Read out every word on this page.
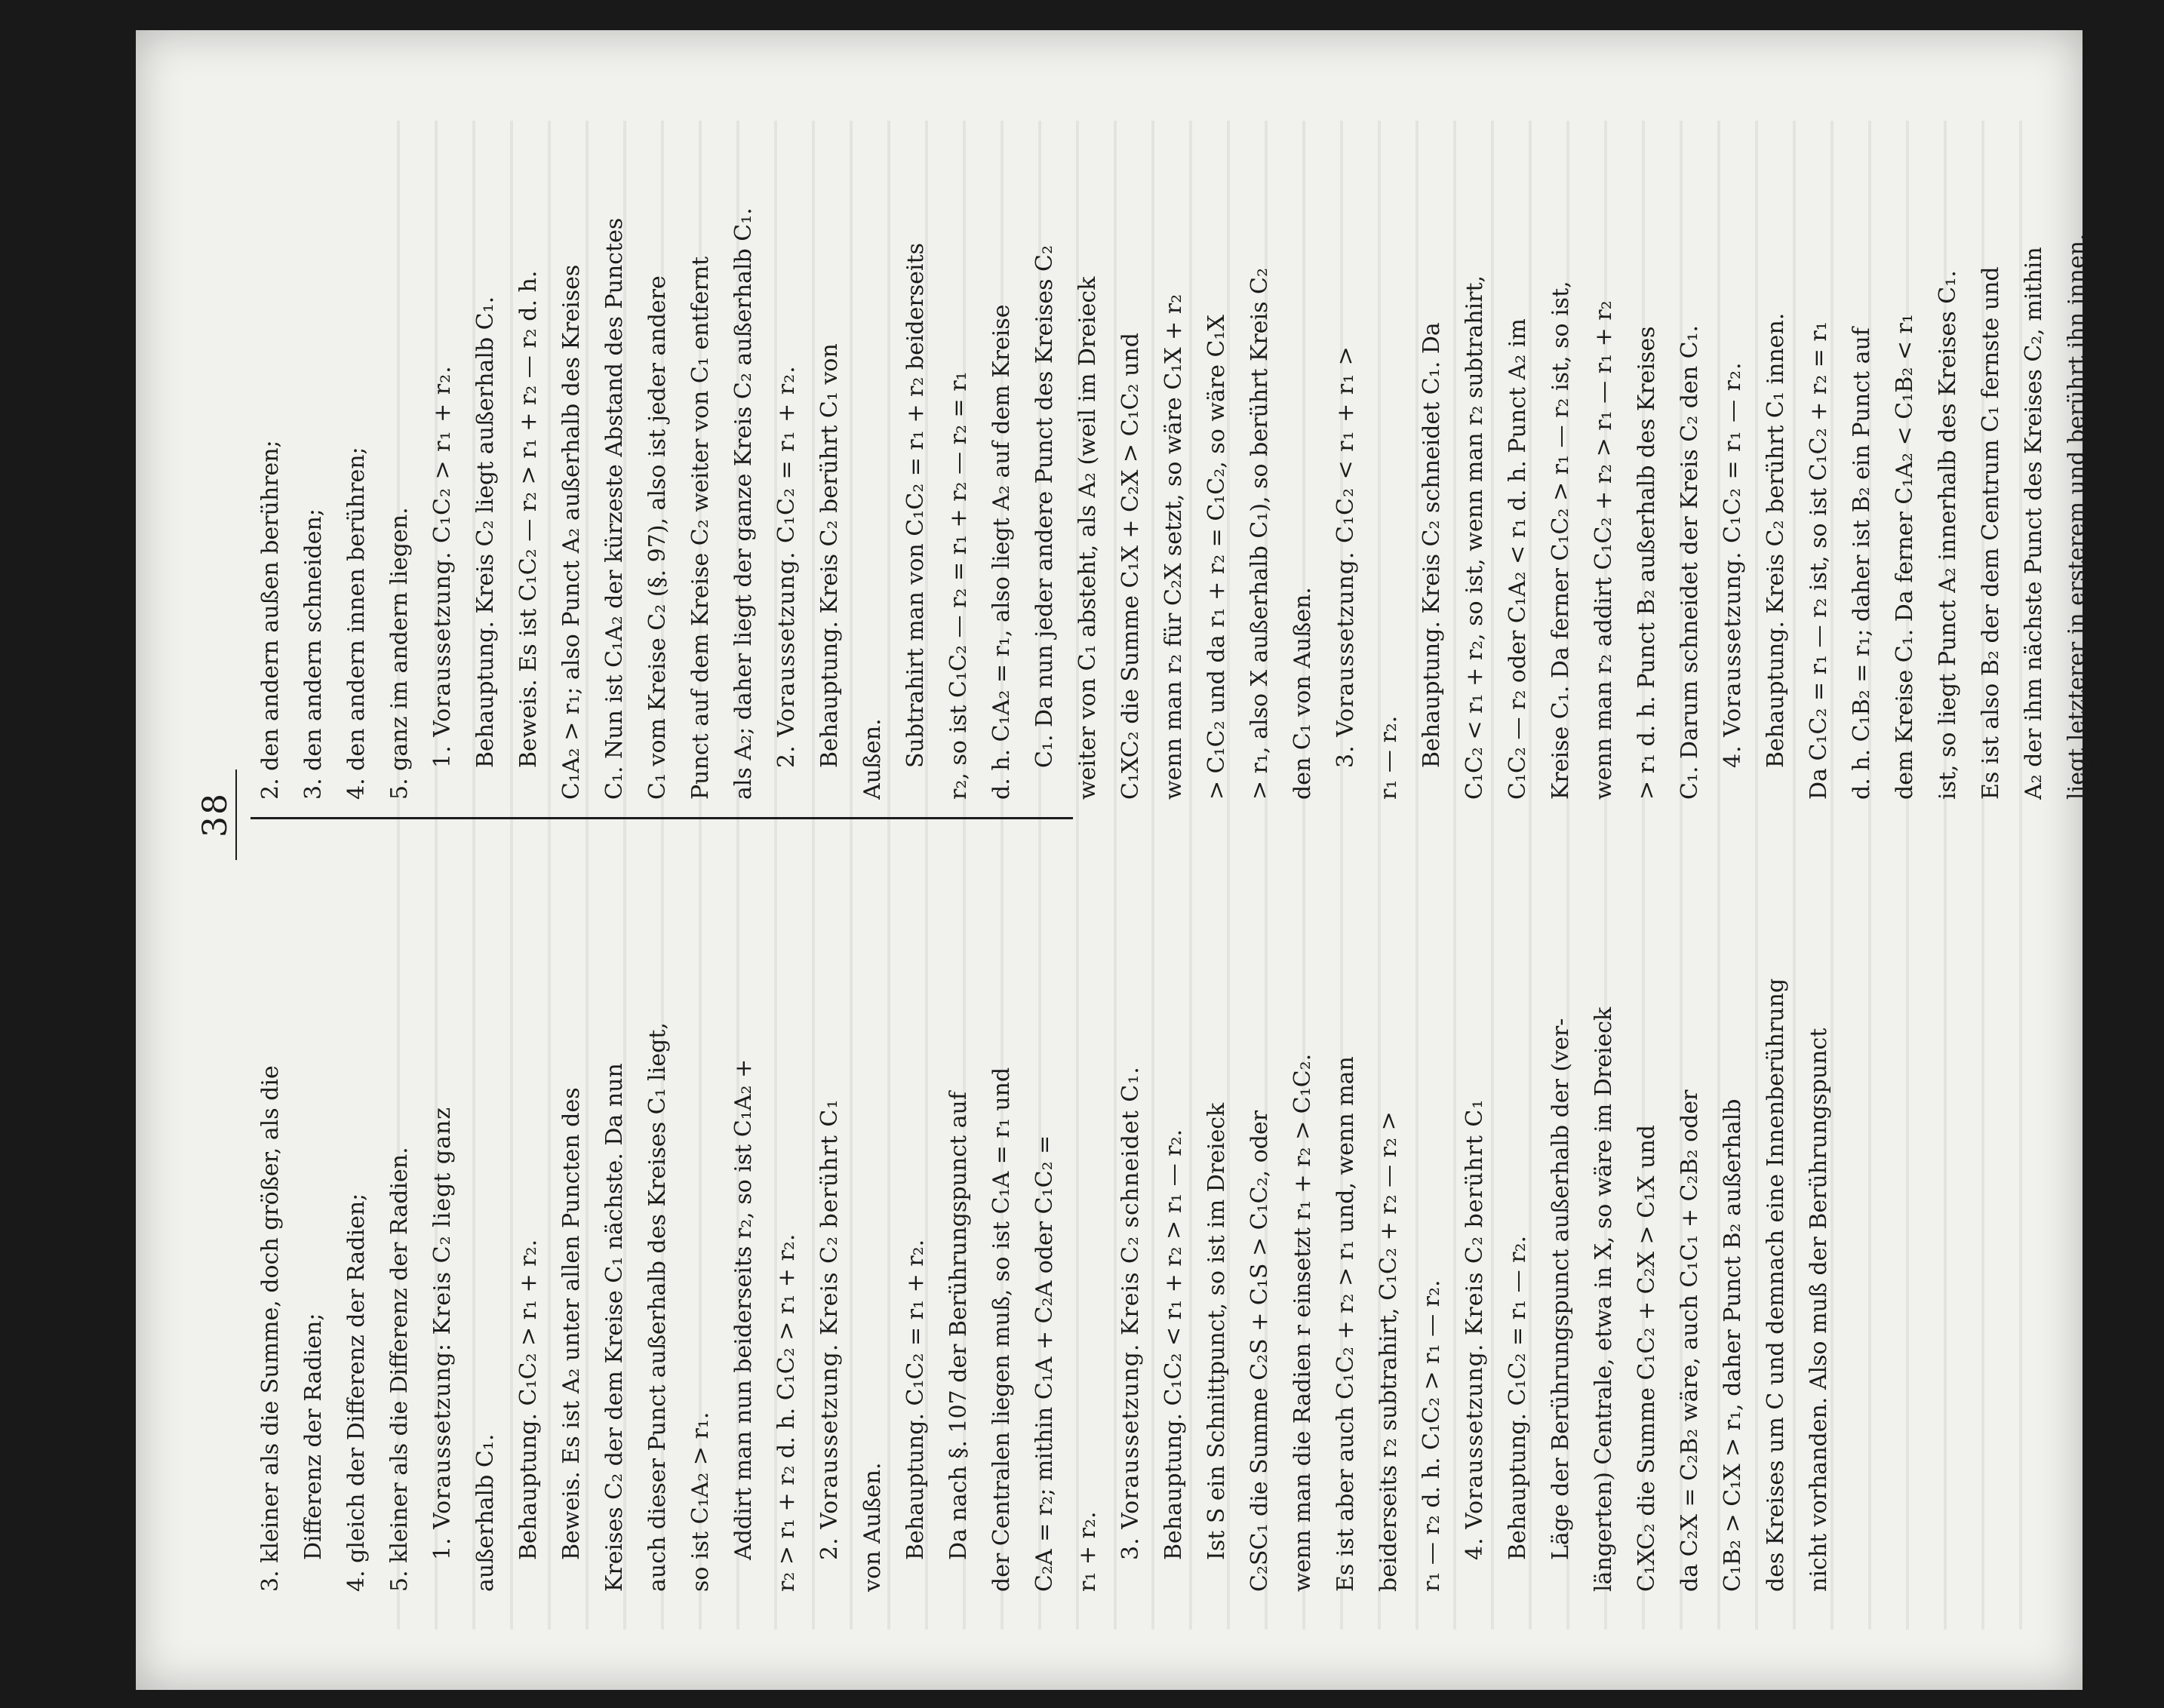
38
3. kleiner als die Summe, doch größer, als die Differenz der Radien; 4. gleich der Differenz der Radien; 5. kleiner als die Differenz der Radien. 1. Voraussetzung: Kreis C₂ liegt ganz außerhalb C₁. Behauptung. C₁C₂ > r₁ + r₂. Beweis. Es ist A₂ unter allen Puncten des Kreises C₂ der dem Kreise C₁ nächste. Da nun auch dieser Punct außerhalb des Kreises C₁ liegt, so ist C₁A₂ > r₁. Addirt man nun beiderseits r₂, so ist C₁A₂ + r₂ > r₁ + r₂ d. h. C₁C₂ > r₁ + r₂. 2. Voraussetzung. Kreis C₂ berührt C₁ von Außen. Behauptung. C₁C₂ = r₁ + r₂. Da nach §. 107 der Berührungspunct auf der Centralen liegen muß, so ist C₁A = r₁ und C₂A = r₂; mithin C₁A + C₂A oder C₁C₂ = r₁ + r₂. 3. Voraussetzung. Kreis C₂ schneidet C₁. Behauptung. C₁C₂ < r₁ + r₂ > r₁ — r₂. Ist S ein Schnittpunct, so ist im Dreieck C₂SC₁ die Summe C₂S + C₁S > C₁C₂, oder wenn man die Radien r einsetzt r₁ + r₂ > C₁C₂. Es ist aber auch C₁C₂ + r₂ > r₁ und, wenn man beiderseits r₂ subtrahirt, C₁C₂ + r₂ — r₂ > r₁ — r₂ d. h. C₁C₂ > r₁ — r₂. 4. Voraussetzung. Kreis C₂ berührt C₁ Behauptung. C₁C₂ = r₁ — r₂. Läge der Berührungspunct außerhalb der (ver- längerten) Centrale, etwa in X, so wäre im Dreieck C₁XC₂ die Summe C₁C₂ + C₂X > C₁X und da C₂X = C₂B₂ wäre, auch C₁C₁ + C₂B₂ oder C₁B₂ > C₁X > r₁, daher Punct B₂ außerhalb des Kreises um C und demnach eine Innenberührung nicht vorhanden. Also muß der Berührungspunct
2. den andern außen berühren; 3. den andern schneiden; 4. den andern innen berühren; 5. ganz im andern liegen. 1. Voraussetzung. C₁C₂ > r₁ + r₂. Behauptung. Kreis C₂ liegt außerhalb C₁. Beweis. Es ist C₁C₂ — r₂ > r₁ + r₂ — r₂ d. h. C₁A₂ > r₁; also Punct A₂ außerhalb des Kreises C₁. Nun ist C₁A₂ der kürzeste Abstand des Punctes C₁ vom Kreise C₂ (§. 97), also ist jeder andere Punct auf dem Kreise C₂ weiter von C₁ entfernt als A₂; daher liegt der ganze Kreis C₂ außerhalb C₁. 2. Voraussetzung. C₁C₂ = r₁ + r₂. Behauptung. Kreis C₂ berührt C₁ von Außen. Subtrahirt man von C₁C₂ = r₁ + r₂ beiderseits r₂, so ist C₁C₂ — r₂ = r₁ + r₂ — r₂ = r₁ d. h. C₁A₂ = r₁, also liegt A₂ auf dem Kreise C₁. Da nun jeder andere Punct des Kreises C₂ weiter von C₁ absteht, als A₂ (weil im Dreieck C₁XC₂ die Summe C₁X + C₂X > C₁C₂ und wenn man r₂ für C₂X setzt, so wäre C₁X + r₂ > C₁C₂ und da r₁ + r₂ = C₁C₂, so wäre C₁X > r₁, also X außerhalb C₁), so berührt Kreis C₂ den C₁ von Außen. 3. Voraussetzung. C₁C₂ < r₁ + r₁ > r₁ — r₂. Behauptung. Kreis C₂ schneidet C₁. Da C₁C₂ < r₁ + r₂, so ist, wenn man r₂ subtrahirt, C₁C₂ — r₂ oder C₁A₂ < r₁ d. h. Punct A₂ im Kreise C₁. Da ferner C₁C₂ > r₁ — r₂ ist, so ist, wenn man r₂ addirt C₁C₂ + r₂ > r₁ — r₁ + r₂ > r₁ d. h. Punct B₂ außerhalb des Kreises C₁. Darum schneidet der Kreis C₂ den C₁. 4. Voraussetzung. C₁C₂ = r₁ — r₂. Behauptung. Kreis C₂ berührt C₁ innen. Da C₁C₂ = r₁ — r₂ ist, so ist C₁C₂ + r₂ = r₁ d. h. C₁B₂ = r₁; daher ist B₂ ein Punct auf dem Kreise C₁. Da ferner C₁A₂ < C₁B₂ < r₁ ist, so liegt Punct A₂ innerhalb des Kreises C₁. Es ist also B₂ der dem Centrum C₁ fernste und A₂ der ihm nächste Punct des Kreises C₂, mithin liegt letzterer in ersterem und berührt ihn innen.
